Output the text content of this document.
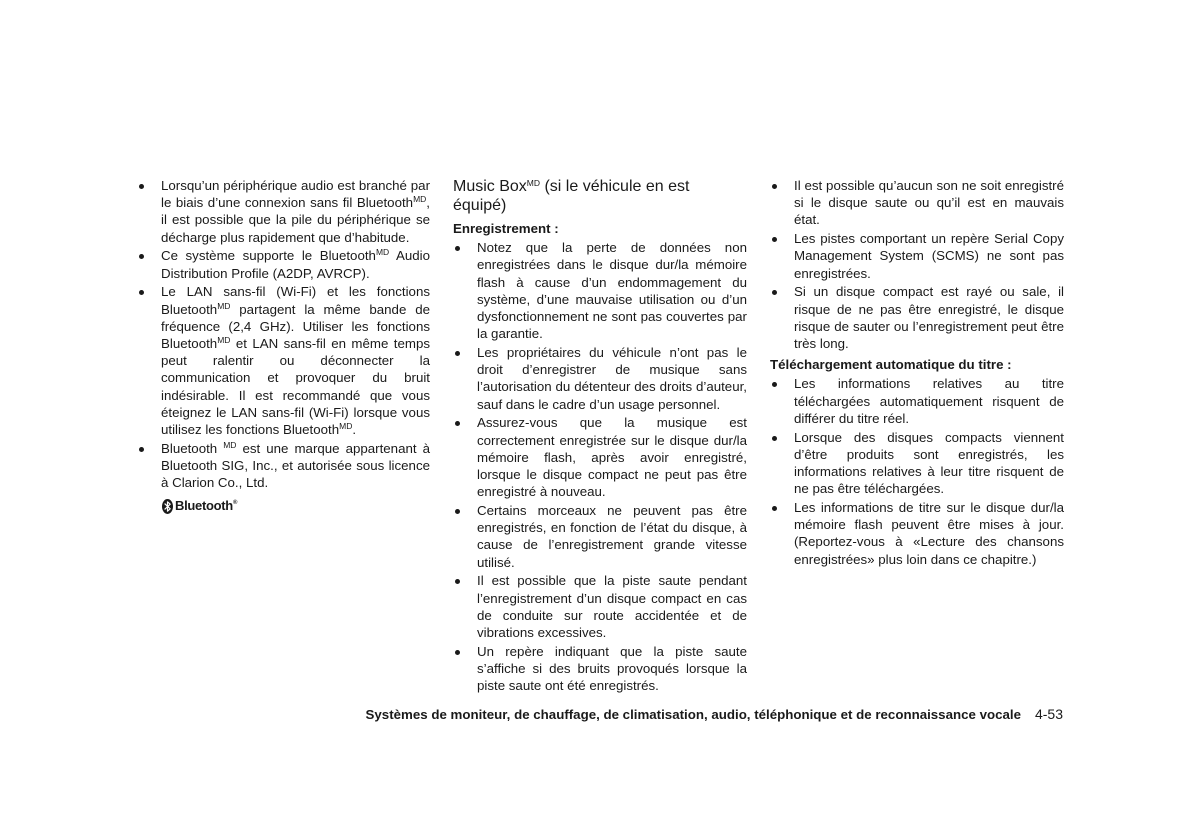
Lorsqu’un périphérique audio est branché par le biais d’une connexion sans fil Bluetooth$^{MD}$, il est possible que la pile du périphérique se décharge plus rapidement que d’habitude.
Ce système supporte le Bluetooth$^{MD}$ Audio Distribution Profile (A2DP, AVRCP).
Le LAN sans-fil (Wi-Fi) et les fonctions Bluetooth$^{MD}$ partagent la même bande de fréquence (2,4 GHz). Utiliser les fonctions Bluetooth$^{MD}$ et LAN sans-fil en même temps peut ralentir ou déconnecter la communication et provoquer du bruit indésirable. Il est recommandé que vous éteignez le LAN sans-fil (Wi-Fi) lorsque vous utilisez les fonctions Bluetooth$^{MD}$.
Bluetooth $^{MD}$ est une marque appartenant à Bluetooth SIG, Inc., et autorisée sous licence à Clarion Co., Ltd.
Bluetooth®
Music Box$^{MD}$ (si le véhicule en est équipé)
Enregistrement :
Notez que la perte de données non enregistrées dans le disque dur/la mémoire flash à cause d’un endommagement du système, d’une mauvaise utilisation ou d’un dysfonctionnement ne sont pas couvertes par la garantie.
Les propriétaires du véhicule n’ont pas le droit d’enregistrer de musique sans l’autorisation du détenteur des droits d’auteur, sauf dans le cadre d’un usage personnel.
Assurez-vous que la musique est correctement enregistrée sur le disque dur/la mémoire flash, après avoir enregistré, lorsque le disque compact ne peut pas être enregistré à nouveau.
Certains morceaux ne peuvent pas être enregistrés, en fonction de l’état du disque, à cause de l’enregistrement grande vitesse utilisé.
Il est possible que la piste saute pendant l’enregistrement d’un disque compact en cas de conduite sur route accidentée et de vibrations excessives.
Un repère indiquant que la piste saute s’affiche si des bruits provoqués lorsque la piste saute ont été enregistrés.
Il est possible qu’aucun son ne soit enregistré si le disque saute ou qu’il est en mauvais état.
Les pistes comportant un repère Serial Copy Management System (SCMS) ne sont pas enregistrées.
Si un disque compact est rayé ou sale, il risque de ne pas être enregistré, le disque risque de sauter ou l’enregistrement peut être très long.
Téléchargement automatique du titre :
Les informations relatives au titre téléchargées automatiquement risquent de différer du titre réel.
Lorsque des disques compacts viennent d’être produits sont enregistrés, les informations relatives à leur titre risquent de ne pas être téléchargées.
Les informations de titre sur le disque dur/la mémoire flash peuvent être mises à jour. (Reportez-vous à «Lecture des chansons enregistrées» plus loin dans ce chapitre.)
Systèmes de moniteur, de chauffage, de climatisation, audio, téléphonique et de reconnaissance vocale 4-53
